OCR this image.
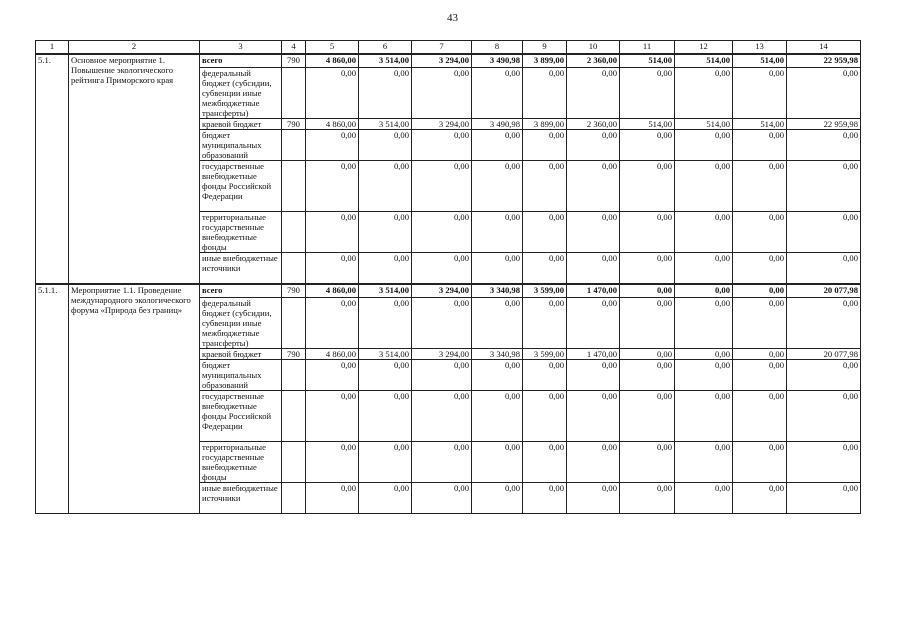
43
1	2	3	4	5	6	7	8	9	10	11	12	13	14
5.1.	Основное мероприятие 1. Повышение экологического рейтинга Приморского края	всего	790	4 860,00	3 514,00	3 294,00	3 490,98	3 899,00	2 360,00	514,00	514,00	514,00	22 959,98
		федеральный бюджет (субсидии, субвенции иные межбюджетные трансферты)		0,00	0,00	0,00	0,00	0,00	0,00	0,00	0,00	0,00	0,00
		краевой бюджет	790	4 860,00	3 514,00	3 294,00	3 490,98	3 899,00	2 360,00	514,00	514,00	514,00	22 959,98
		бюджет муниципальных образований		0,00	0,00	0,00	0,00	0,00	0,00	0,00	0,00	0,00	0,00
		государственные внебюджетные фонды Российской Федерации		0,00	0,00	0,00	0,00	0,00	0,00	0,00	0,00	0,00	0,00
		территориальные государственные внебюджетные фонды		0,00	0,00	0,00	0,00	0,00	0,00	0,00	0,00	0,00	0,00
		иные внебюджетные источники		0,00	0,00	0,00	0,00	0,00	0,00	0,00	0,00	0,00	0,00
5.1.1.	Мероприятие 1.1. Проведение международного экологического форума «Природа без границ»	всего	790	4 860,00	3 514,00	3 294,00	3 340,98	3 599,00	1 470,00	0,00	0,00	0,00	20 077,98
		федеральный бюджет (субсидии, субвенции иные межбюджетные трансферты)		0,00	0,00	0,00	0,00	0,00	0,00	0,00	0,00	0,00	0,00
		краевой бюджет	790	4 860,00	3 514,00	3 294,00	3 340,98	3 599,00	1 470,00	0,00	0,00	0,00	20 077,98
		бюджет муниципальных образований		0,00	0,00	0,00	0,00	0,00	0,00	0,00	0,00	0,00	0,00
		государственные внебюджетные фонды Российской Федерации		0,00	0,00	0,00	0,00	0,00	0,00	0,00	0,00	0,00	0,00
		территориальные государственные внебюджетные фонды		0,00	0,00	0,00	0,00	0,00	0,00	0,00	0,00	0,00	0,00
		иные внебюджетные источники		0,00	0,00	0,00	0,00	0,00	0,00	0,00	0,00	0,00	0,00
